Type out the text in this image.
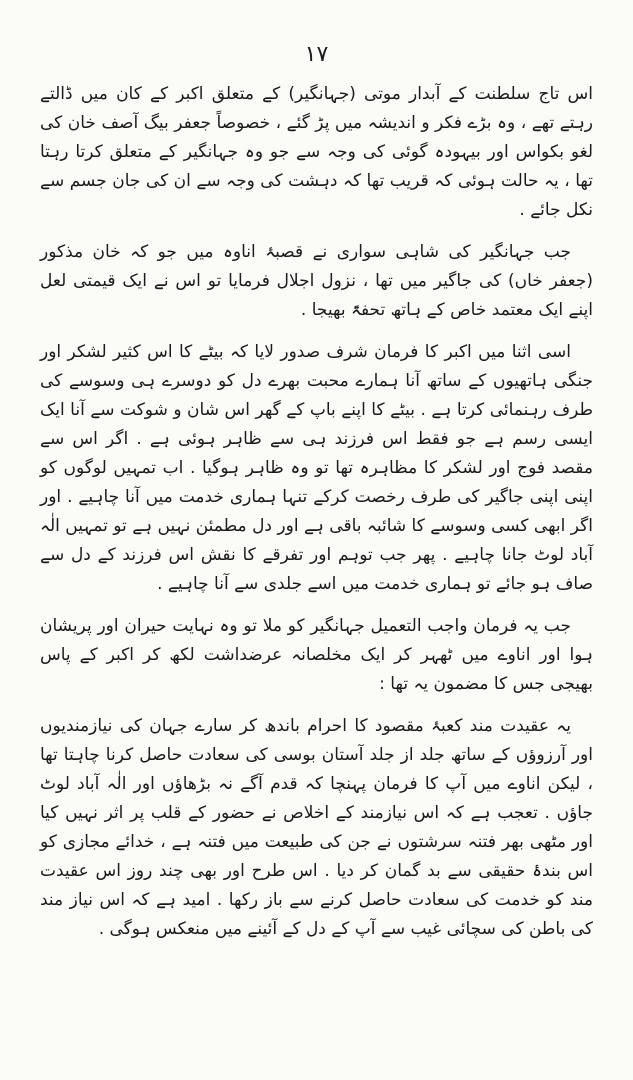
۱۷

اس تاج سلطنت کے آبدار موتی (جہانگیر) کے متعلق اکبر کے کان میں ڈالتے رہتے تھے ، وہ بڑے فکر و اندیشہ میں پڑ گئے ، خصوصاً جعفر بیگ آصف خان کی لغو بکواس اور بیہودہ گوئی کی وجہ سے جو وہ جہانگیر کے متعلق کرتا رہتا تھا ، یہ حالت ہوئی کہ قریب تھا کہ دہشت کی وجہ سے ان کی جان جسم سے نکل جائے .

جب جہانگیر کی شاہی سواری نے قصبۂ اناوہ میں جو کہ خان مذکور (جعفر خاں) کی جاگیر میں تھا ، نزول اجلال فرمایا تو اس نے ایک قیمتی لعل اپنے ایک معتمد خاص کے ہاتھ تحفۃً بھیجا .

اسی اثنا میں اکبر کا فرمان شرف صدور لایا کہ بیٹے کا اس کثیر لشکر اور جنگی ہاتھیوں کے ساتھ آنا ہمارے محبت بھرے دل کو دوسرے ہی وسوسے کی طرف رہنمائی کرتا ہے . بیٹے کا اپنے باپ کے گھر اس شان و شوکت سے آنا ایک ایسی رسم ہے جو فقط اس فرزند ہی سے ظاہر ہوئی ہے . اگر اس سے مقصد فوج اور لشکر کا مظاہرہ تھا تو وہ ظاہر ہوگیا . اب تمہیں لوگوں کو اپنی اپنی جاگیر کی طرف رخصت کرکے تنہا ہماری خدمت میں آنا چاہیے . اور اگر ابھی کسی وسوسے کا شائبہ باقی ہے اور دل مطمئن نہیں ہے تو تمہیں الٰہ آباد لوٹ جانا چاہیے . پھر جب توہم اور تفرقے کا نقش اس فرزند کے دل سے صاف ہو جائے تو ہماری خدمت میں اسے جلدی سے آنا چاہیے .

جب یہ فرمان واجب التعمیل جہانگیر کو ملا تو وہ نہایت حیران اور پریشان ہوا اور اناوے میں ٹھہر کر ایک مخلصانہ عرضداشت لکھ کر اکبر کے پاس بھیجی جس کا مضمون یہ تھا :

یہ عقیدت مند کعبۂ مقصود کا احرام باندھ کر سارے جہان کی نیازمندیوں اور آرزوؤں کے ساتھ جلد از جلد آستان بوسی کی سعادت حاصل کرنا چاہتا تھا ، لیکن اناوے میں آپ کا فرمان پہنچا کہ قدم آگے نہ بڑھاؤں اور الٰہ آباد لوٹ جاؤں . تعجب ہے کہ اس نیازمند کے اخلاص نے حضور کے قلب پر اثر نہیں کیا اور مٹھی بھر فتنہ سرشتوں نے جن کی طبیعت میں فتنہ ہے ، خدائے مجازی کو اس بندۂ حقیقی سے بد گمان کر دیا . اس طرح اور بھی چند روز اس عقیدت مند کو خدمت کی سعادت حاصل کرنے سے باز رکھا . امید ہے کہ اس نیاز مند کی باطن کی سچائی غیب سے آپ کے دل کے آئینے میں منعکس ہوگی .
